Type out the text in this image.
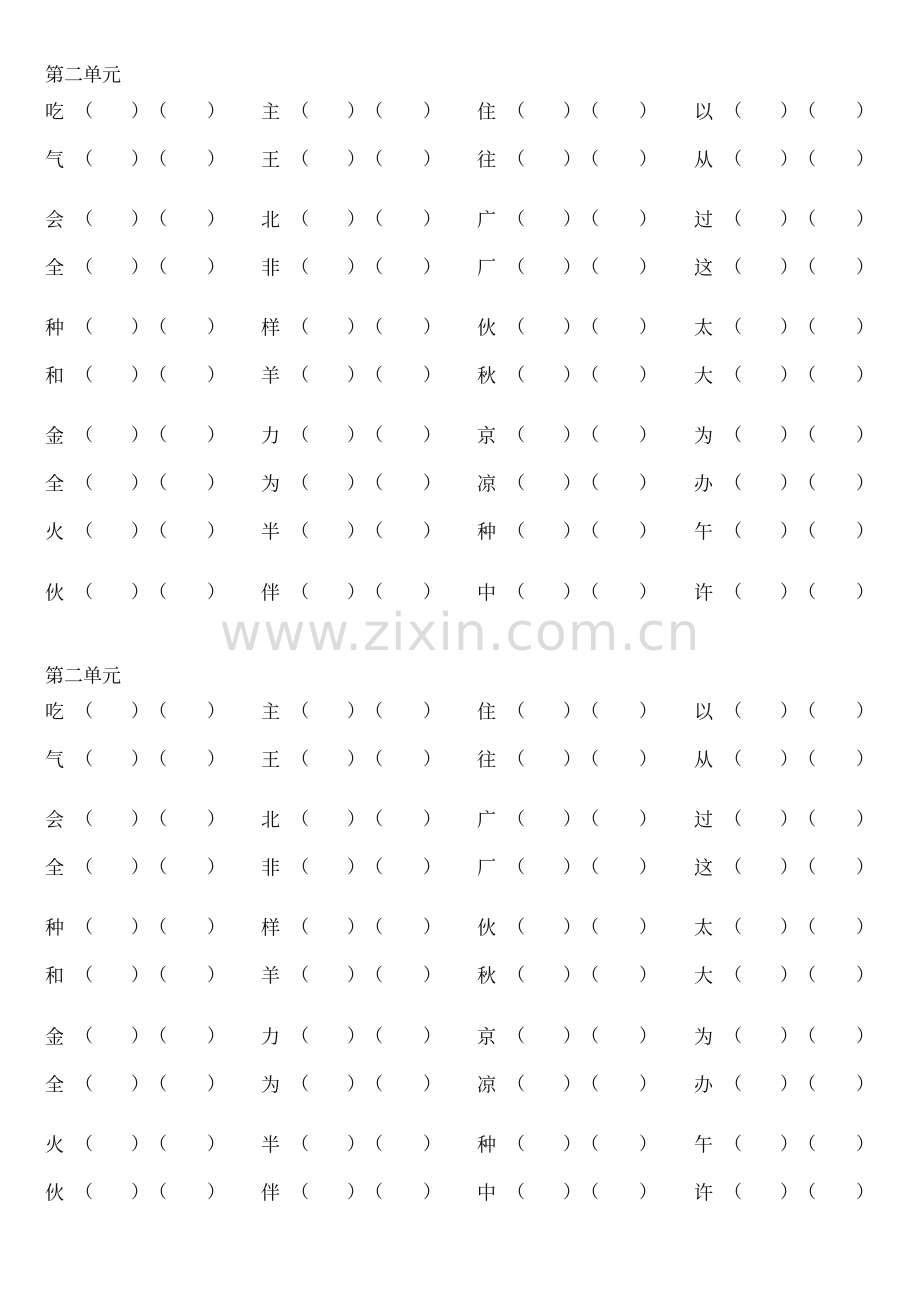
第二单元
吃 （ ） （ ） 主 （ ） （ ） 住 （ ） （ ） 以 （ ） （ ）
气 （ ） （ ） 王 （ ） （ ） 往 （ ） （ ） 从 （ ） （ ）
会 （ ） （ ） 北 （ ） （ ） 广 （ ） （ ） 过 （ ） （ ）
全 （ ） （ ） 非 （ ） （ ） 厂 （ ） （ ） 这 （ ） （ ）
种 （ ） （ ） 样 （ ） （ ） 伙 （ ） （ ） 太 （ ） （ ）
和 （ ） （ ） 羊 （ ） （ ） 秋 （ ） （ ） 大 （ ） （ ）
金 （ ） （ ） 力 （ ） （ ） 京 （ ） （ ） 为 （ ） （ ）
全 （ ） （ ） 为 （ ） （ ） 凉 （ ） （ ） 办 （ ） （ ）
火 （ ） （ ） 半 （ ） （ ） 种 （ ） （ ） 午 （ ） （ ）
伙 （ ） （ ） 伴 （ ） （ ） 中 （ ） （ ） 许 （ ） （ ）
第二单元
吃 （ ） （ ） 主 （ ） （ ） 住 （ ） （ ） 以 （ ） （ ）
气 （ ） （ ） 王 （ ） （ ） 往 （ ） （ ） 从 （ ） （ ）
会 （ ） （ ） 北 （ ） （ ） 广 （ ） （ ） 过 （ ） （ ）
全 （ ） （ ） 非 （ ） （ ） 厂 （ ） （ ） 这 （ ） （ ）
种 （ ） （ ） 样 （ ） （ ） 伙 （ ） （ ） 太 （ ） （ ）
和 （ ） （ ） 羊 （ ） （ ） 秋 （ ） （ ） 大 （ ） （ ）
金 （ ） （ ） 力 （ ） （ ） 京 （ ） （ ） 为 （ ） （ ）
全 （ ） （ ） 为 （ ） （ ） 凉 （ ） （ ） 办 （ ） （ ）
火 （ ） （ ） 半 （ ） （ ） 种 （ ） （ ） 午 （ ） （ ）
伙 （ ） （ ） 伴 （ ） （ ） 中 （ ） （ ） 许 （ ） （ ）
www.zixin.com.cn
